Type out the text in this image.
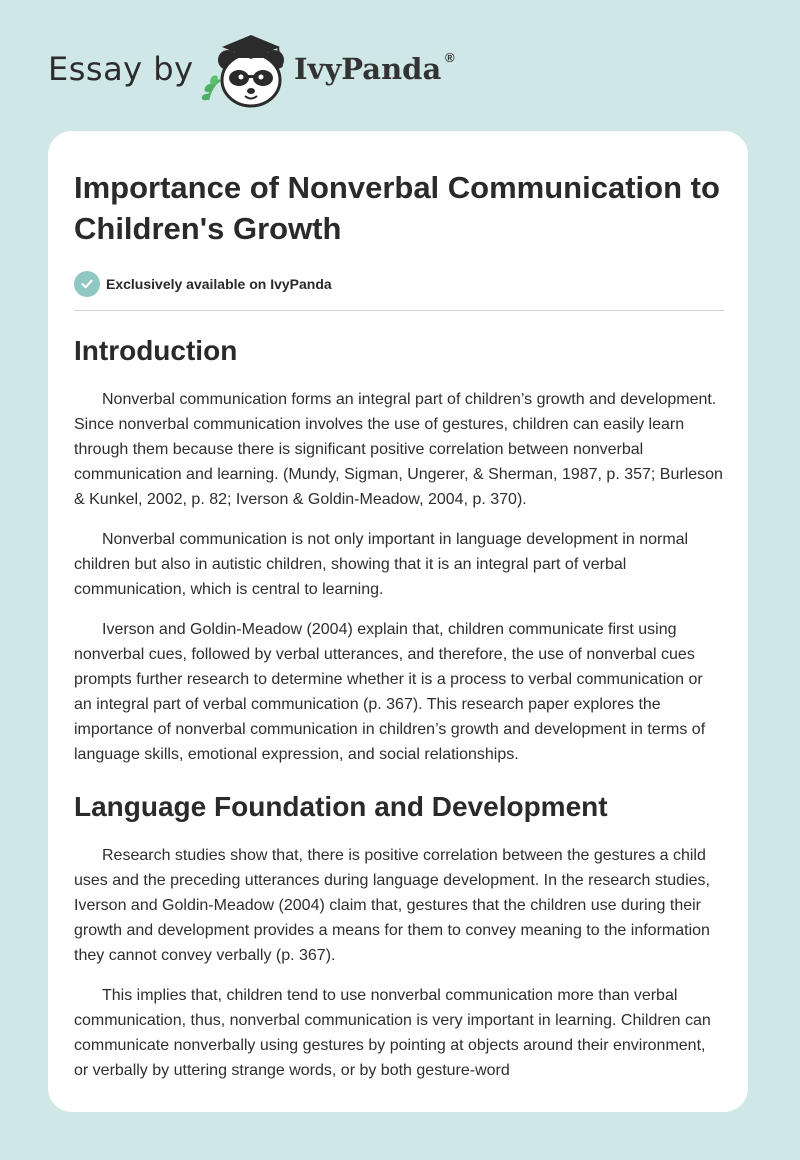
Essay by	IvyPanda ®
Importance of Nonverbal Communication to Children's Growth
Exclusively available on IvyPanda
Introduction

Nonverbal communication forms an integral part of children’s growth and development. Since nonverbal communication involves the use of gestures, children can easily learn through them because there is significant positive correlation between nonverbal communication and learning. (Mundy, Sigman, Ungerer, & Sherman, 1987, p. 357; Burleson & Kunkel, 2002, p. 82; Iverson & Goldin-Meadow, 2004, p. 370).

Nonverbal communication is not only important in language development in normal children but also in autistic children, showing that it is an integral part of verbal communication, which is central to learning.

Iverson and Goldin-Meadow (2004) explain that, children communicate first using nonverbal cues, followed by verbal utterances, and therefore, the use of nonverbal cues prompts further research to determine whether it is a process to verbal communication or an integral part of verbal communication (p. 367). This research paper explores the importance of nonverbal communication in children’s growth and development in terms of language skills, emotional expression, and social relationships.

Language Foundation and Development

Research studies show that, there is positive correlation between the gestures a child uses and the preceding utterances during language development. In the research studies, Iverson and Goldin-Meadow (2004) claim that, gestures that the children use during their growth and development provides a means for them to convey meaning to the information they cannot convey verbally (p. 367).

This implies that, children tend to use nonverbal communication more than verbal communication, thus, nonverbal communication is very important in learning. Children can communicate nonverbally using gestures by pointing at objects around their environment, or verbally by uttering strange words, or by both gesture-word
